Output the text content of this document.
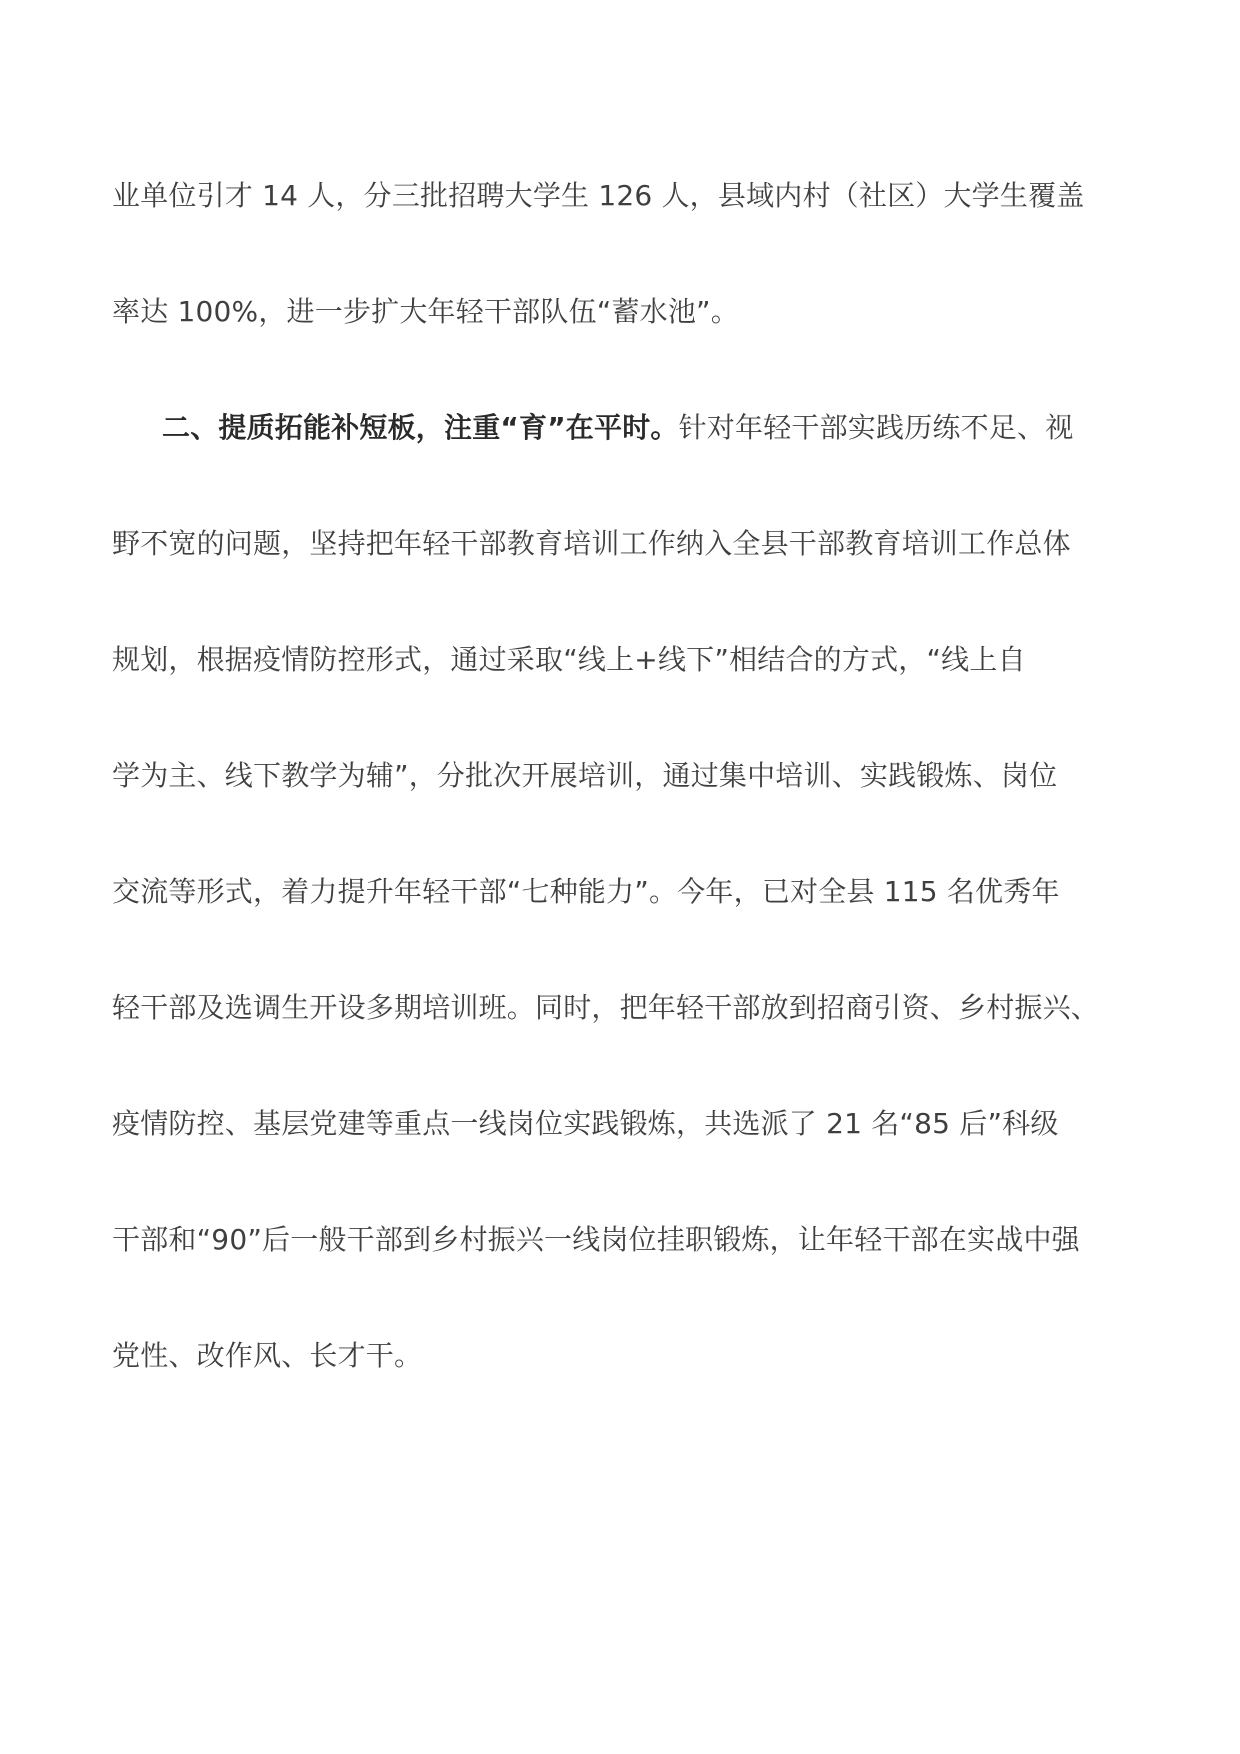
业单位引才 14 人，分三批招聘大学生 126 人，县域内村（社区）大学生覆盖
率达 100%，进一步扩大年轻干部队伍“蓄水池”。
二、提质拓能补短板，注重“育”在平时。针对年轻干部实践历练不足、视
野不宽的问题，坚持把年轻干部教育培训工作纳入全县干部教育培训工作总体
规划，根据疫情防控形式，通过采取“线上+线下”相结合的方式，“线上自
学为主、线下教学为辅”，分批次开展培训，通过集中培训、实践锻炼、岗位
交流等形式，着力提升年轻干部“七种能力”。今年，已对全县 115 名优秀年
轻干部及选调生开设多期培训班。同时，把年轻干部放到招商引资、乡村振兴、
疫情防控、基层党建等重点一线岗位实践锻炼，共选派了 21 名“85 后”科级
干部和“90”后一般干部到乡村振兴一线岗位挂职锻炼，让年轻干部在实战中强
党性、改作风、长才干。
